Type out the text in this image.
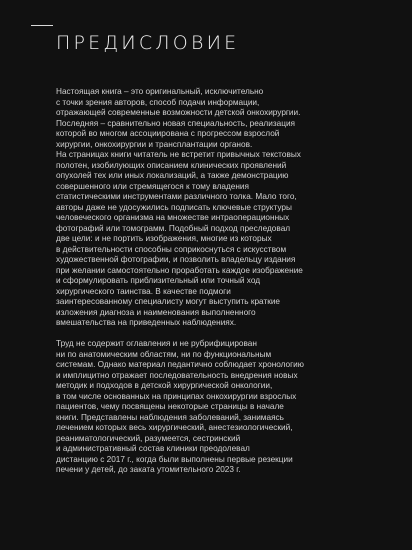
ПРЕДИСЛОВИЕ

Настоящая книга – это оригинальный, исключительно
с точки зрения авторов, способ подачи информации,
отражающей современные возможности детской онкохирургии.
Последняя – сравнительно новая специальность, реализация
которой во многом ассоциирована с прогрессом взрослой
хирургии, онкохирургии и трансплантации органов.
На страницах книги читатель не встретит привычных текстовых
полотен, изобилующих описанием клинических проявлений
опухолей тех или иных локализаций, а также демонстрацию
совершенного или стремящегося к тому владения
статистическими инструментами различного толка. Мало того,
авторы даже не удосужились подписать ключевые структуры
человеческого организма на множестве интраоперационных
фотографий или томограмм. Подобный подход преследовал
две цели: и не портить изображения, многие из которых
в действительности способны соприкоснуться с искусством
художественной фотографии, и позволить владельцу издания
при желании самостоятельно проработать каждое изображение
и сформулировать приблизительный или точный ход
хирургического таинства. В качестве подмоги
заинтересованному специалисту могут выступить краткие
изложения диагноза и наименования выполненного
вмешательства на приведенных наблюдениях.

Труд не содержит оглавления и не рубрифицирован
ни по анатомическим областям, ни по функциональным
системам. Однако материал педантично соблюдает хронологию
и имплицитно отражает последовательность внедрения новых
методик и подходов в детской хирургической онкологии,
в том числе основанных на принципах онкохирургии взрослых
пациентов, чему посвящены некоторые страницы в начале
книги. Представлены наблюдения заболеваний, занимаясь
лечением которых весь хирургический, анестезиологический,
реаниматологический, разумеется, сестринский
и административный состав клиники преодолевал
дистанцию с 2017 г., когда были выполнены первые резекции
печени у детей, до заката утомительного 2023 г.
